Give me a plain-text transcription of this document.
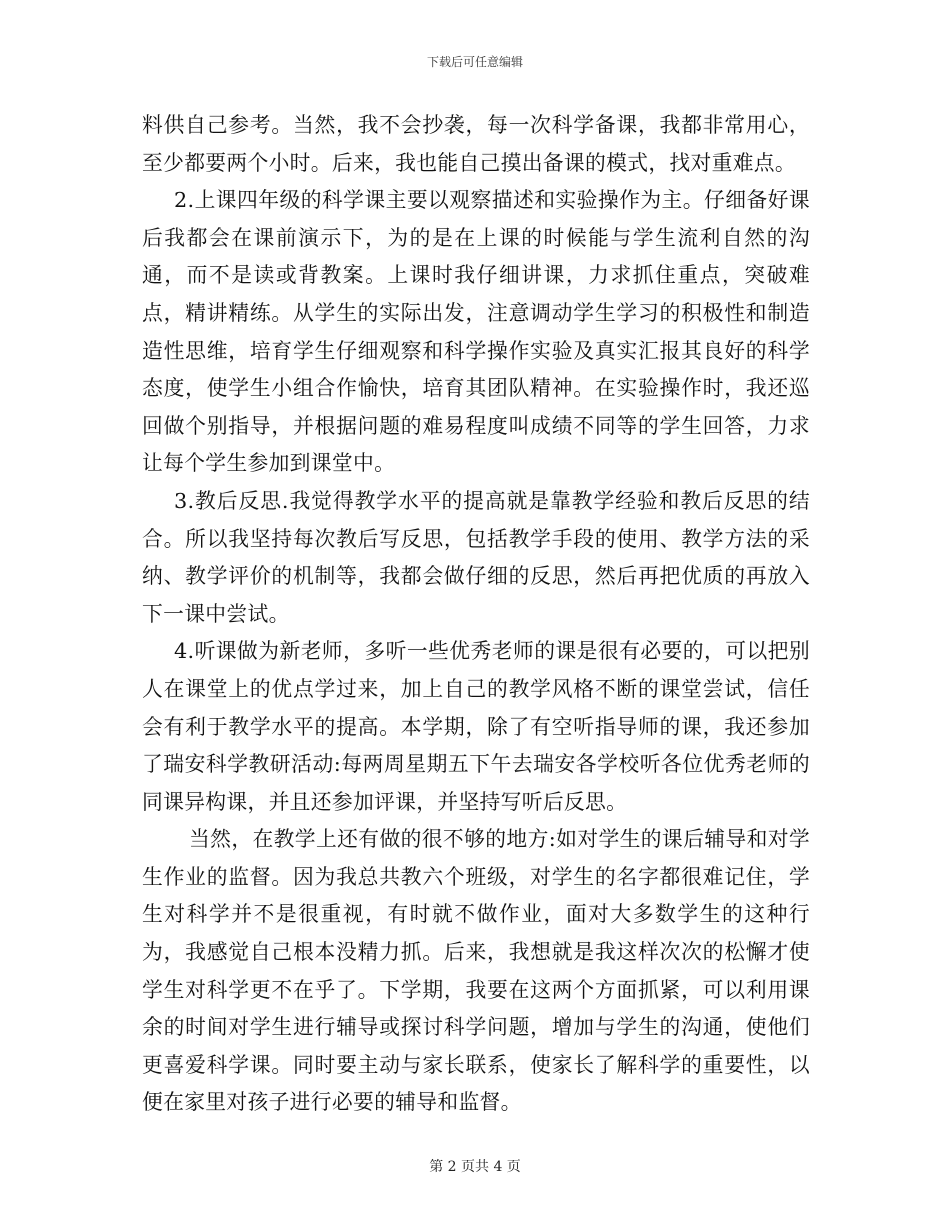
下载后可任意编辑

料供自己参考。当然，我不会抄袭，每一次科学备课，我都非常用心，至少都要两个小时。后来，我也能自己摸出备课的模式，找对重难点。

2.上课四年级的科学课主要以观察描述和实验操作为主。仔细备好课后我都会在课前演示下，为的是在上课的时候能与学生流利自然的沟通，而不是读或背教案。上课时我仔细讲课，力求抓住重点，突破难点，精讲精练。从学生的实际出发，注意调动学生学习的积极性和制造造性思维，培育学生仔细观察和科学操作实验及真实汇报其良好的科学态度，使学生小组合作愉快，培育其团队精神。在实验操作时，我还巡回做个别指导，并根据问题的难易程度叫成绩不同等的学生回答，力求让每个学生参加到课堂中。

3.教后反思.我觉得教学水平的提高就是靠教学经验和教后反思的结合。所以我坚持每次教后写反思，包括教学手段的使用、教学方法的采纳、教学评价的机制等，我都会做仔细的反思，然后再把优质的再放入下一课中尝试。

4.听课做为新老师，多听一些优秀老师的课是很有必要的，可以把别人在课堂上的优点学过来，加上自己的教学风格不断的课堂尝试，信任会有利于教学水平的提高。本学期，除了有空听指导师的课，我还参加了瑞安科学教研活动:每两周星期五下午去瑞安各学校听各位优秀老师的同课异构课，并且还参加评课，并坚持写听后反思。

当然，在教学上还有做的很不够的地方:如对学生的课后辅导和对学生作业的监督。因为我总共教六个班级，对学生的名字都很难记住，学生对科学并不是很重视，有时就不做作业，面对大多数学生的这种行为，我感觉自己根本没精力抓。后来，我想就是我这样次次的松懈才使学生对科学更不在乎了。下学期，我要在这两个方面抓紧，可以利用课余的时间对学生进行辅导或探讨科学问题，增加与学生的沟通，使他们更喜爱科学课。同时要主动与家长联系，使家长了解科学的重要性，以便在家里对孩子进行必要的辅导和监督。

第 2 页共 4 页
